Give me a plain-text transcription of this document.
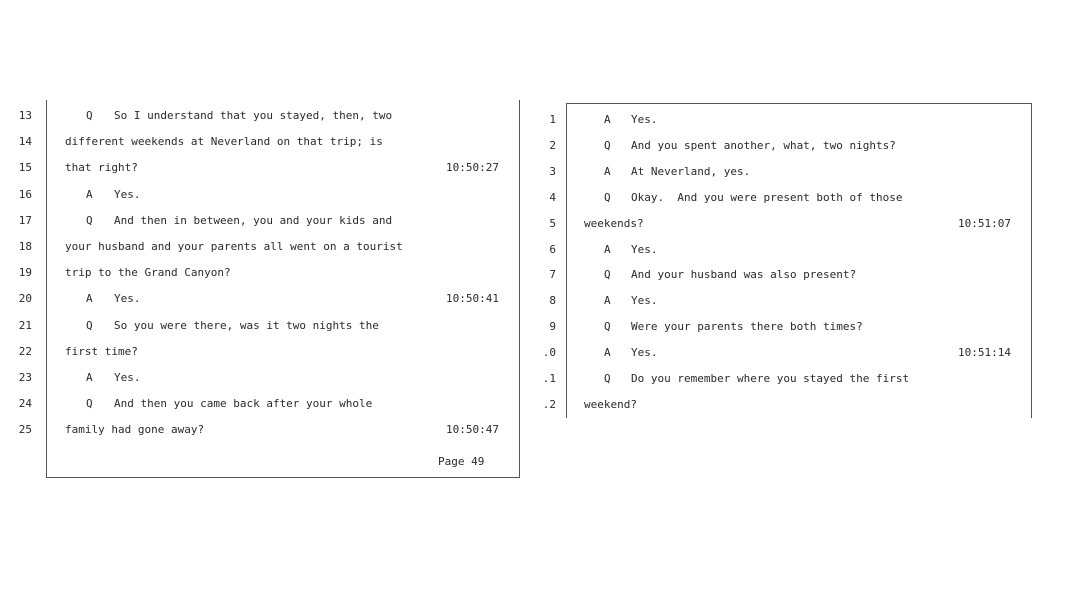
13	Q So I understand that you stayed, then, two
14	different weekends at Neverland on that trip; is
15	that right?	10:50:27
16	A Yes.
17	Q And then in between, you and your kids and
18	your husband and your parents all went on a tourist
19	trip to the Grand Canyon?
20	A Yes.	10:50:41
21	Q So you were there, was it two nights the
22	first time?
23	A Yes.
24	Q And then you came back after your whole
25	family had gone away?	10:50:47
Page 49
1	A Yes.
2	Q And you spent another, what, two nights?
3	A At Neverland, yes.
4	Q Okay.  And you were present both of those
5	weekends?	10:51:07
6	A Yes.
7	Q And your husband was also present?
8	A Yes.
9	Q Were your parents there both times?
.0	A Yes.	10:51:14
.1	Q Do you remember where you stayed the first
.2	weekend?
